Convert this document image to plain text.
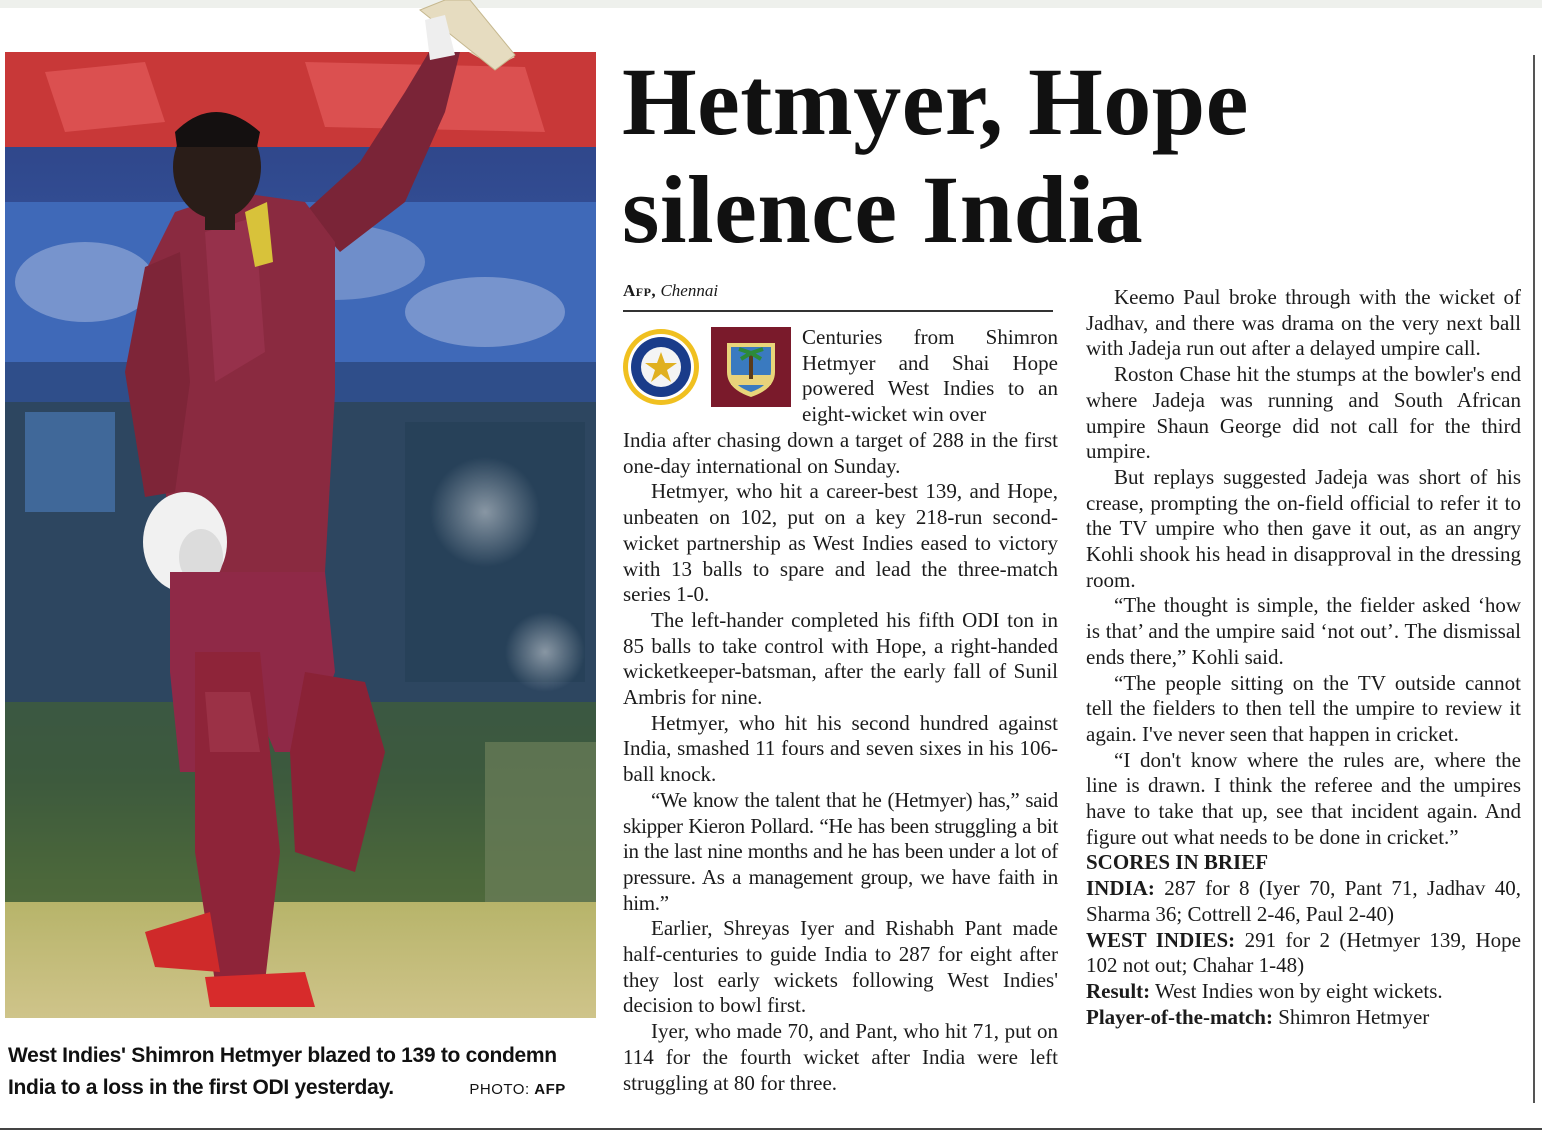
West Indies' Shimron Hetmyer blazed to 139 to condemn
India to a loss in the first ODI yesterday.	PHOTO: AFP
Hetmyer, Hope
silence India
Afp, Chennai

Centuries from Shimron Hetmyer and Shai Hope powered West Indies to an eight-wicket win over

India after chasing down a target of 288 in the first one-day international on Sunday.

Hetmyer, who hit a career-best 139, and Hope, unbeaten on 102, put on a key 218-run second-wicket partnership as West Indies eased to victory with 13 balls to spare and lead the three-match series 1-0.

The left-hander completed his fifth ODI ton in 85 balls to take control with Hope, a right-handed wicketkeeper-batsman, after the early fall of Sunil Ambris for nine.

Hetmyer, who hit his second hundred against India, smashed 11 fours and seven sixes in his 106-ball knock.

“We know the talent that he (Hetmyer) has,” said skipper Kieron Pollard. “He has been struggling a bit in the last nine months and he has been under a lot of pressure. As a management group, we have faith in him.”

Earlier, Shreyas Iyer and Rishabh Pant made half-centuries to guide India to 287 for eight after they lost early wickets following West Indies' decision to bowl first.

Iyer, who made 70, and Pant, who hit 71, put on 114 for the fourth wicket after India were left struggling at 80 for three.

Keemo Paul broke through with the wicket of Jadhav, and there was drama on the very next ball with Jadeja run out after a delayed umpire call.

Roston Chase hit the stumps at the bowler's end where Jadeja was running and South African umpire Shaun George did not call for the third umpire.

But replays suggested Jadeja was short of his crease, prompting the on-field official to refer it to the TV umpire who then gave it out, as an angry Kohli shook his head in disapproval in the dressing room.

“The thought is simple, the fielder asked ‘how is that’ and the umpire said ‘not out’. The dismissal ends there,” Kohli said.

“The people sitting on the TV outside cannot tell the fielders to then tell the umpire to review it again. I've never seen that happen in cricket.

“I don't know where the rules are, where the line is drawn. I think the referee and the umpires have to take that up, see that incident again. And figure out what needs to be done in cricket.”

SCORES IN BRIEF

INDIA: 287 for 8 (Iyer 70, Pant 71, Jadhav 40, Sharma 36; Cottrell 2-46, Paul 2-40)

WEST INDIES: 291 for 2 (Hetmyer 139, Hope 102 not out; Chahar 1-48)

Result: West Indies won by eight wickets.

Player-of-the-match: Shimron Hetmyer
